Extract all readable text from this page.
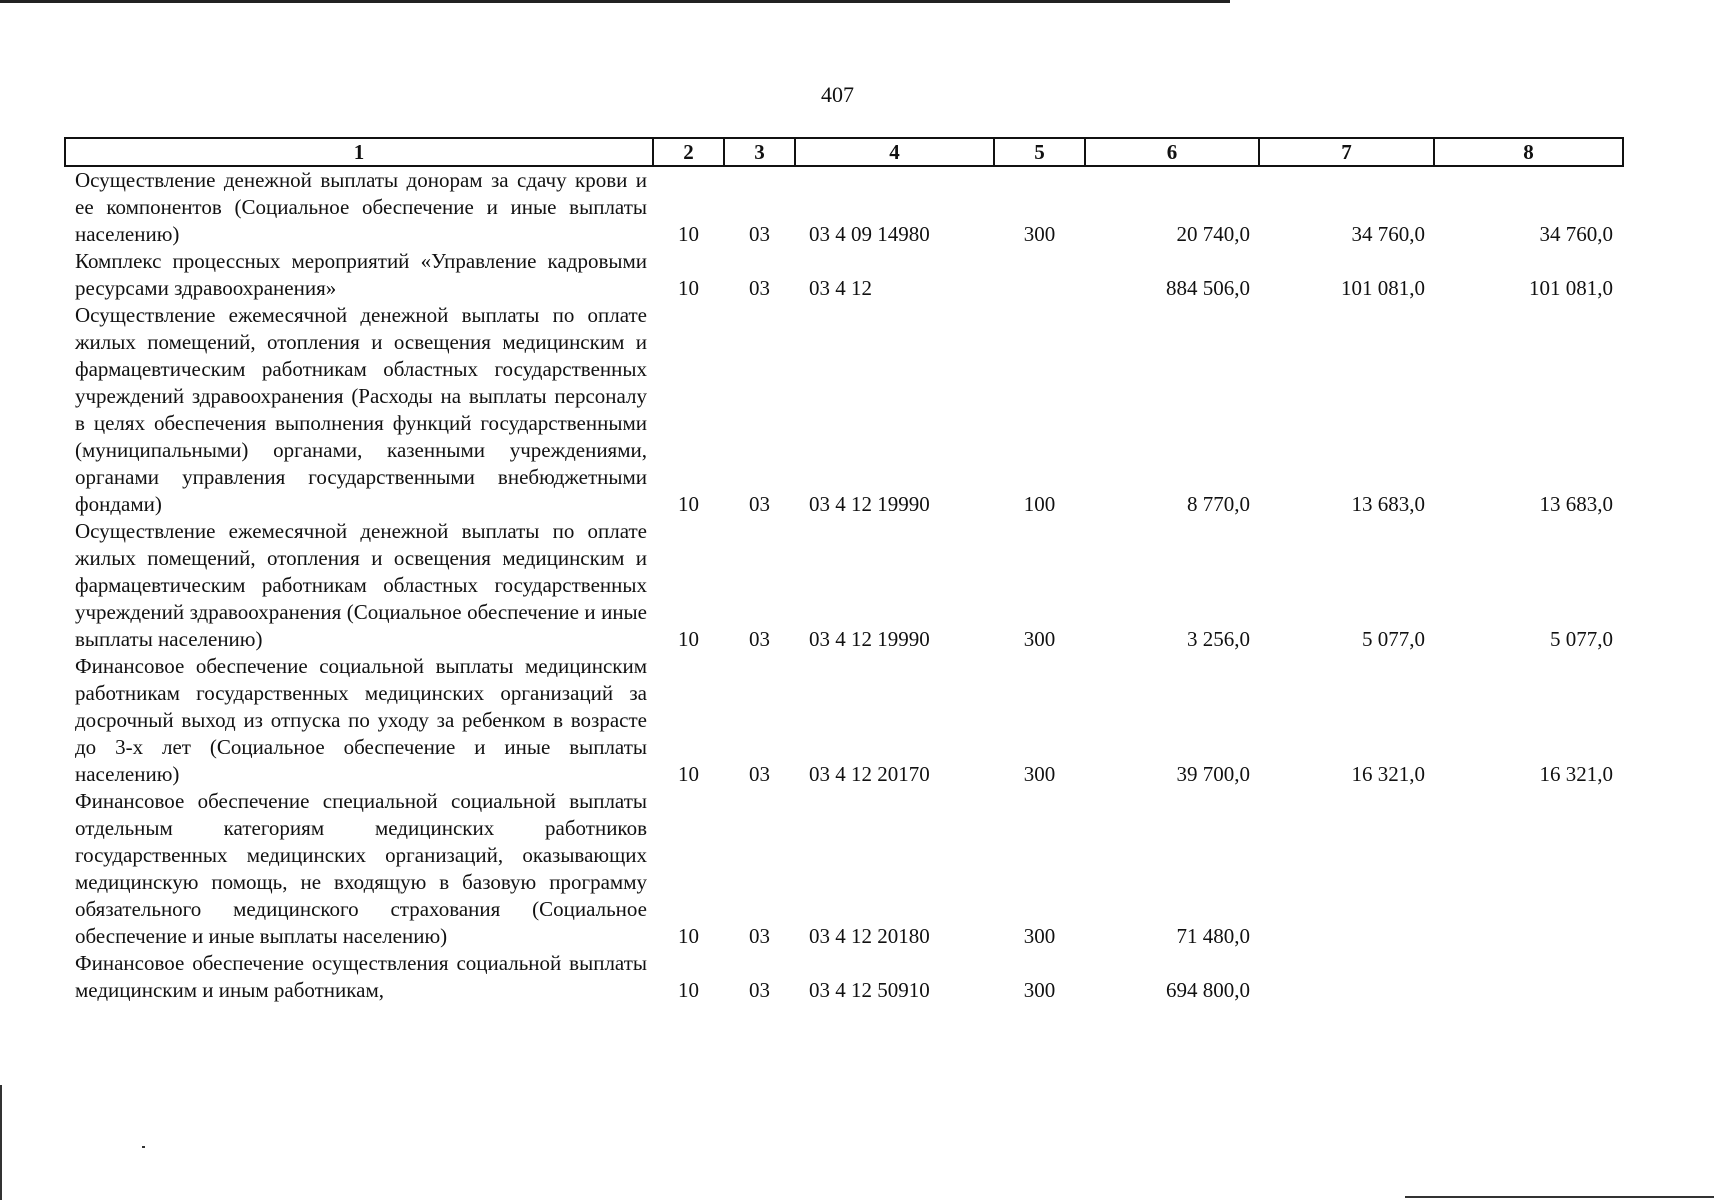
407
1	2	3	4	5	6	7	8
Осуществление денежной выплаты донорам за сдачу крови и ее компонентов (Социальное обеспечение и иные выплаты населению)	10	03	03 4 09 14980	300	20 740,0	34 760,0	34 760,0
Комплекс процессных мероприятий «Управление кадровыми ресурсами здравоохранения»	10	03	03 4 12		884 506,0	101 081,0	101 081,0
Осуществление ежемесячной денежной выплаты по оплате жилых помещений, отопления и освещения медицинским и фармацевтическим работникам областных государственных учреждений здравоохранения (Расходы на выплаты персоналу в целях обеспечения выполнения функций государственными (муниципальными) органами, казенными учреждениями, органами управления государственными внебюджетными фондами)	10	03	03 4 12 19990	100	8 770,0	13 683,0	13 683,0
Осуществление ежемесячной денежной выплаты по оплате жилых помещений, отопления и освещения медицинским и фармацевтическим работникам областных государственных учреждений здравоохранения (Социальное обеспечение и иные выплаты населению)	10	03	03 4 12 19990	300	3 256,0	5 077,0	5 077,0
Финансовое обеспечение социальной выплаты медицинским работникам государственных медицинских организаций за досрочный выход из отпуска по уходу за ребенком в возрасте до 3-х лет (Социальное обеспечение и иные выплаты населению)	10	03	03 4 12 20170	300	39 700,0	16 321,0	16 321,0
Финансовое обеспечение специальной социальной выплаты отдельным категориям медицинских работников государственных медицинских организаций, оказывающих медицинскую помощь, не входящую в базовую программу обязательного медицинского страхования (Социальное обеспечение и иные выплаты населению)	10	03	03 4 12 20180	300	71 480,0		
Финансовое обеспечение осуществления социальной выплаты медицинским и иным работникам,	10	03	03 4 12 50910	300	694 800,0		
